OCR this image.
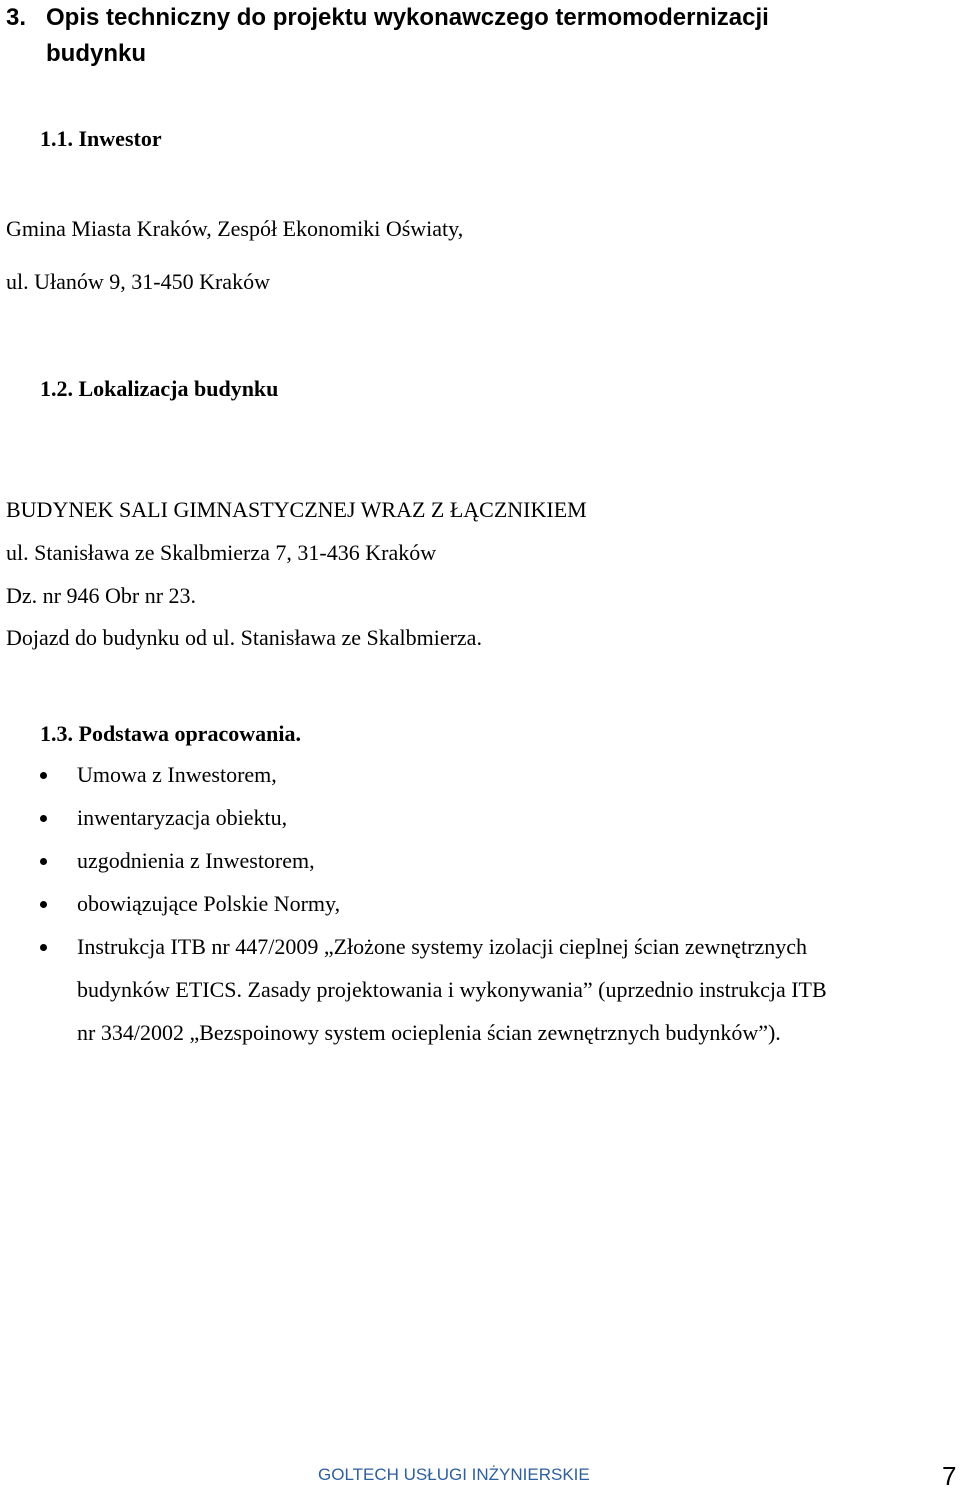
3. Opis techniczny do projektu wykonawczego termomodernizacji
budynku
1.1. Inwestor
Gmina Miasta Kraków, Zespół Ekonomiki Oświaty,
ul. Ułanów 9, 31-450 Kraków
1.2. Lokalizacja budynku
BUDYNEK SALI GIMNASTYCZNEJ WRAZ Z ŁĄCZNIKIEM
ul. Stanisława ze Skalbmierza 7, 31-436 Kraków
Dz. nr 946 Obr nr 23.
Dojazd do budynku od ul. Stanisława ze Skalbmierza.
1.3. Podstawa opracowania.
Umowa z Inwestorem,
inwentaryzacja obiektu,
uzgodnienia z Inwestorem,
obowiązujące Polskie Normy,
Instrukcja ITB nr 447/2009 „Złożone systemy izolacji cieplnej ścian zewnętrznych
budynków ETICS. Zasady projektowania i wykonywania” (uprzednio instrukcja ITB
nr 334/2002 „Bezspoinowy system ocieplenia ścian zewnętrznych budynków”).
GOLTECH USŁUGI INŻYNIERSKIE	7
